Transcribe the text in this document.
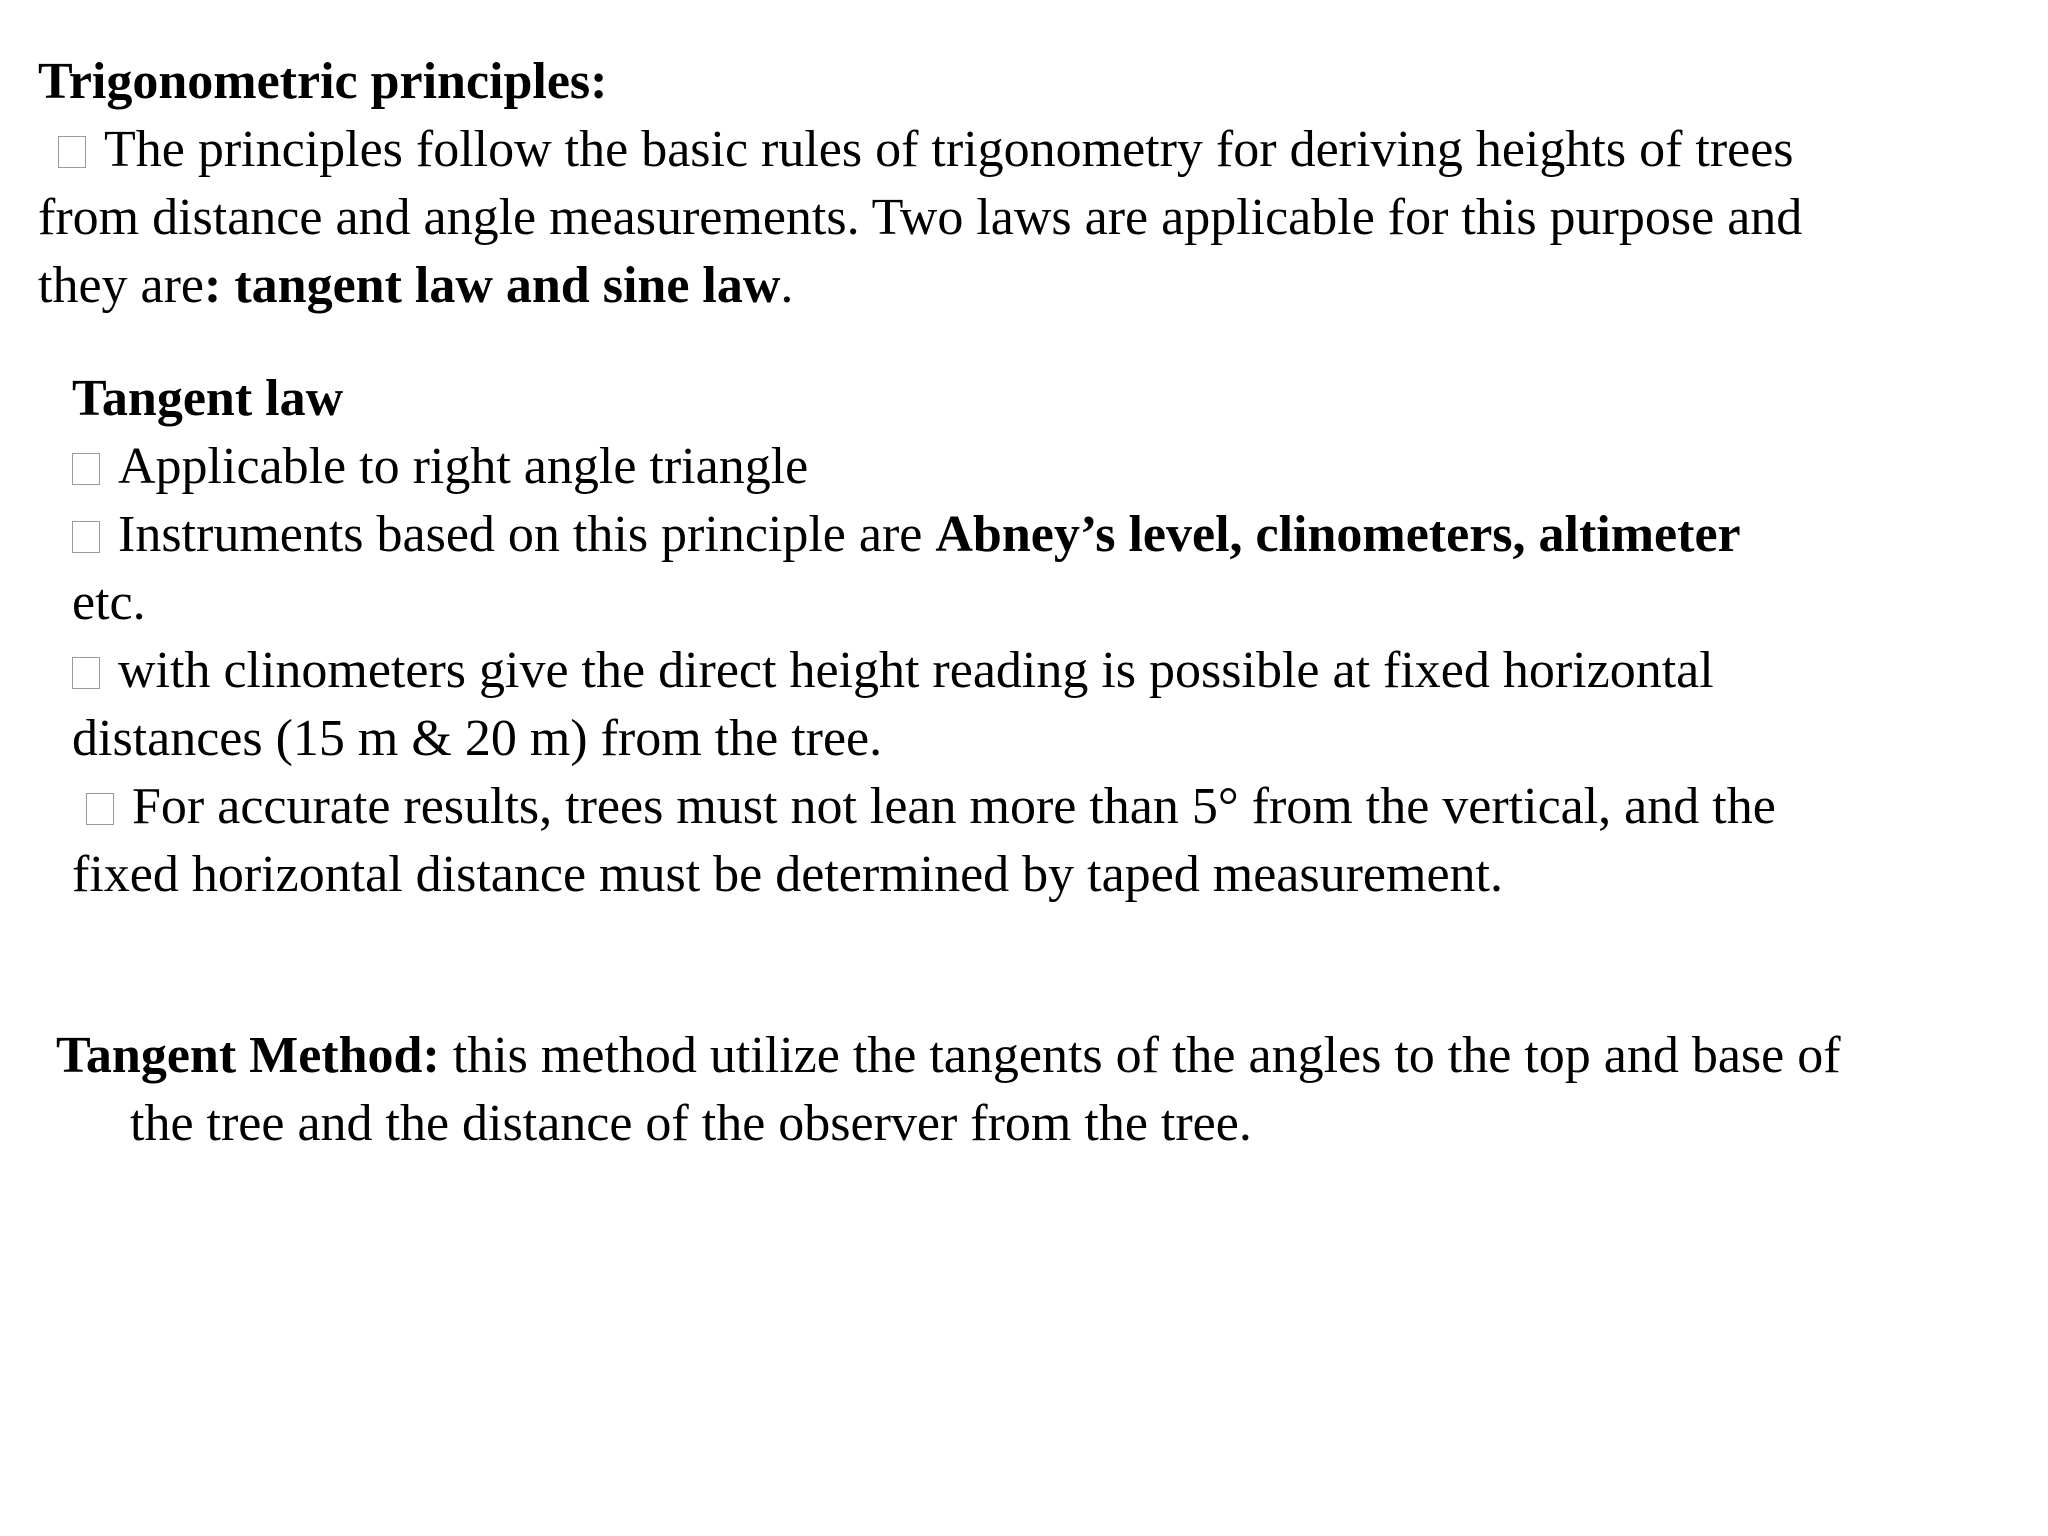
Trigonometric principles:
The principles follow the basic rules of trigonometry for deriving heights of trees
from distance and angle measurements. Two laws are applicable for this purpose and
they are: tangent law and sine law.
Tangent law
Applicable to right angle triangle
Instruments based on this principle are Abney’s level, clinometers, altimeter
etc.
with clinometers give the direct height reading is possible at fixed horizontal
distances (15 m & 20 m) from the tree.
For accurate results, trees must not lean more than 5° from the vertical, and the
fixed horizontal distance must be determined by taped measurement.
Tangent Method: this method utilize the tangents of the angles to the top and base of
the tree and the distance of the observer from the tree.
